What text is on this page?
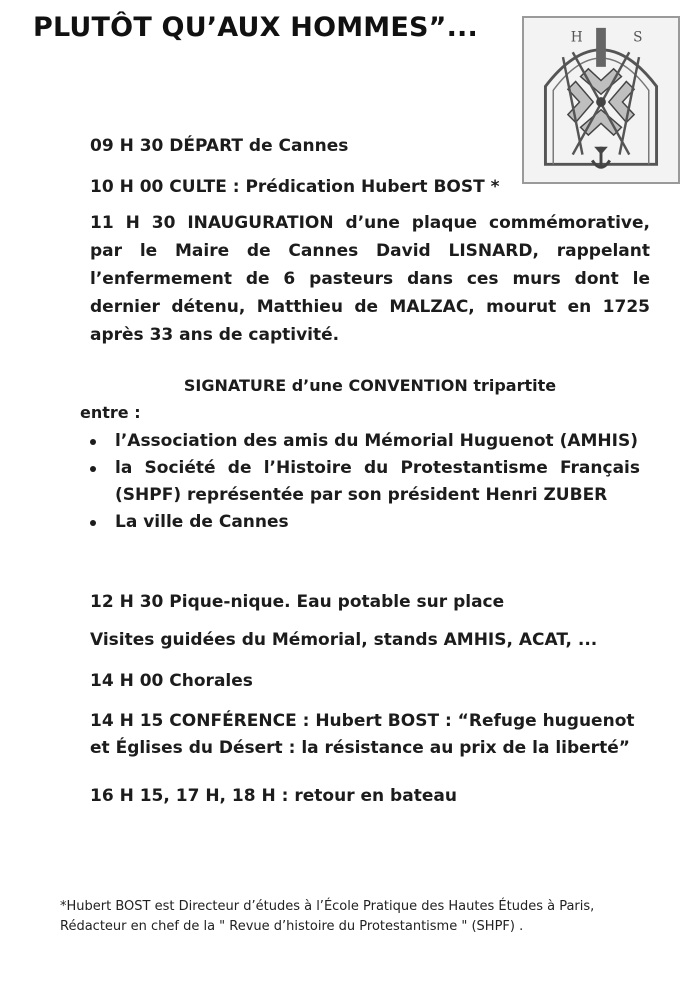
PLUTÔT QU’AUX HOMMES”...	H	S

09 H 30 DÉPART de Cannes

10 H 00 CULTE : Prédication Hubert BOST *

11 H 30 INAUGURATION d’une plaque commémorative, par le Maire de Cannes David LISNARD, rappelant l’enfermement de 6 pasteurs dans ces murs dont le dernier détenu, Matthieu de MALZAC, mourut en 1725 après 33 ans de captivité.

SIGNATURE d’une CONVENTION tripartite

entre :

l’Association des amis du Mémorial Huguenot (AMHIS)
la Société de l’Histoire du Protestantisme Français (SHPF) représentée par son président Henri ZUBER
La ville de Cannes

12 H 30 Pique-nique. Eau potable sur place

Visites guidées du Mémorial, stands AMHIS, ACAT, ...

14 H 00 Chorales

14 H 15 CONFÉRENCE : Hubert BOST : “Refuge huguenot

et Églises du Désert : la résistance au prix de la liberté”

16 H 15, 17 H, 18 H : retour en bateau

*Hubert BOST est Directeur d’études à l’École Pratique des Hautes Études à Paris,
Rédacteur en chef de la " Revue d’histoire du Protestantisme " (SHPF) .
